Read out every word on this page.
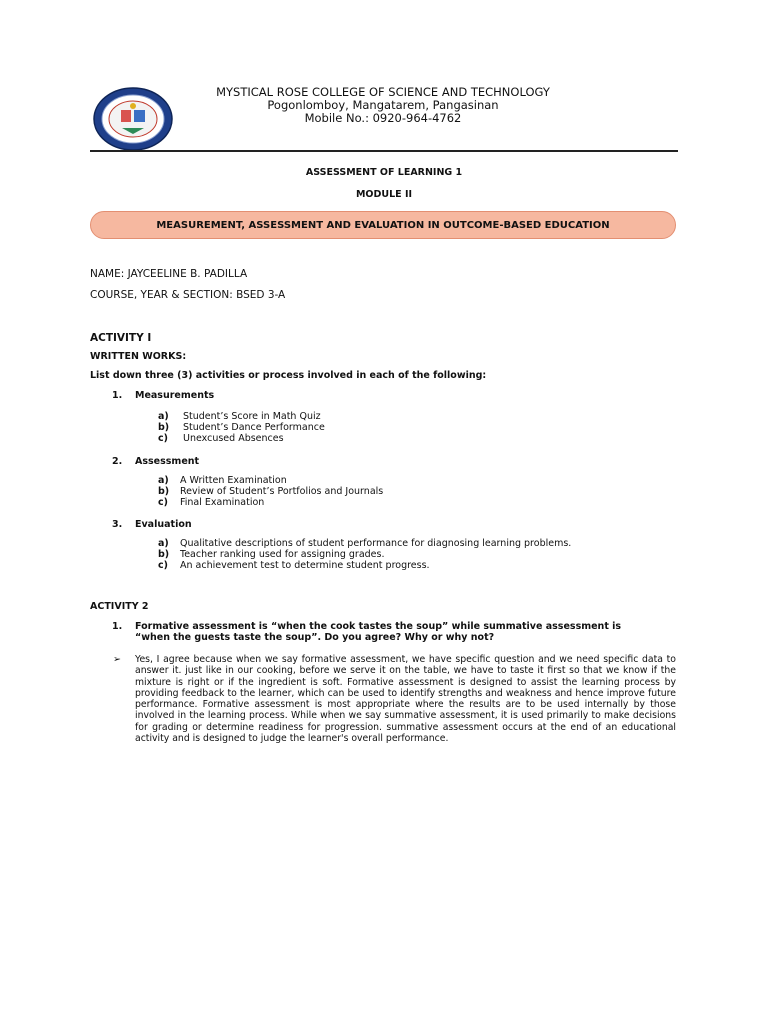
MYSTICAL ROSE COLLEGE OF SCIENCE AND TECHNOLOGY
Pogonlomboy, Mangatarem, Pangasinan
Mobile No.: 0920-964-4762
ASSESSMENT OF LEARNING 1
MODULE II
MEASUREMENT, ASSESSMENT AND EVALUATION IN OUTCOME-BASED EDUCATION
NAME: JAYCEELINE B. PADILLA
COURSE, YEAR & SECTION: BSED 3-A
ACTIVITY I
WRITTEN WORKS:
List down three (3) activities or process involved in each of the following:
1. Measurements
a) Student’s Score in Math Quiz
b) Student’s Dance Performance
c) Unexcused Absences
2. Assessment
a) A Written Examination
b) Review of Student’s Portfolios and Journals
c) Final Examination
3. Evaluation
a) Qualitative descriptions of student performance for diagnosing learning problems.
b) Teacher ranking used for assigning grades.
c) An achievement test to determine student progress.
ACTIVITY 2
1. Formative assessment is “when the cook tastes the soup” while summative assessment is
“when the guests taste the soup”. Do you agree? Why or why not?
➢ Yes, I agree because when we say formative assessment, we have specific question and we need specific data to answer it. just like in our cooking, before we serve it on the table, we have to taste it first so that we know if the mixture is right or if the ingredient is soft. Formative assessment is designed to assist the learning process by providing feedback to the learner, which can be used to identify strengths and weakness and hence improve future performance. Formative assessment is most appropriate where the results are to be used internally by those involved in the learning process. While when we say summative assessment, it is used primarily to make decisions for grading or determine readiness for progression. summative assessment occurs at the end of an educational activity and is designed to judge the learner's overall performance.
